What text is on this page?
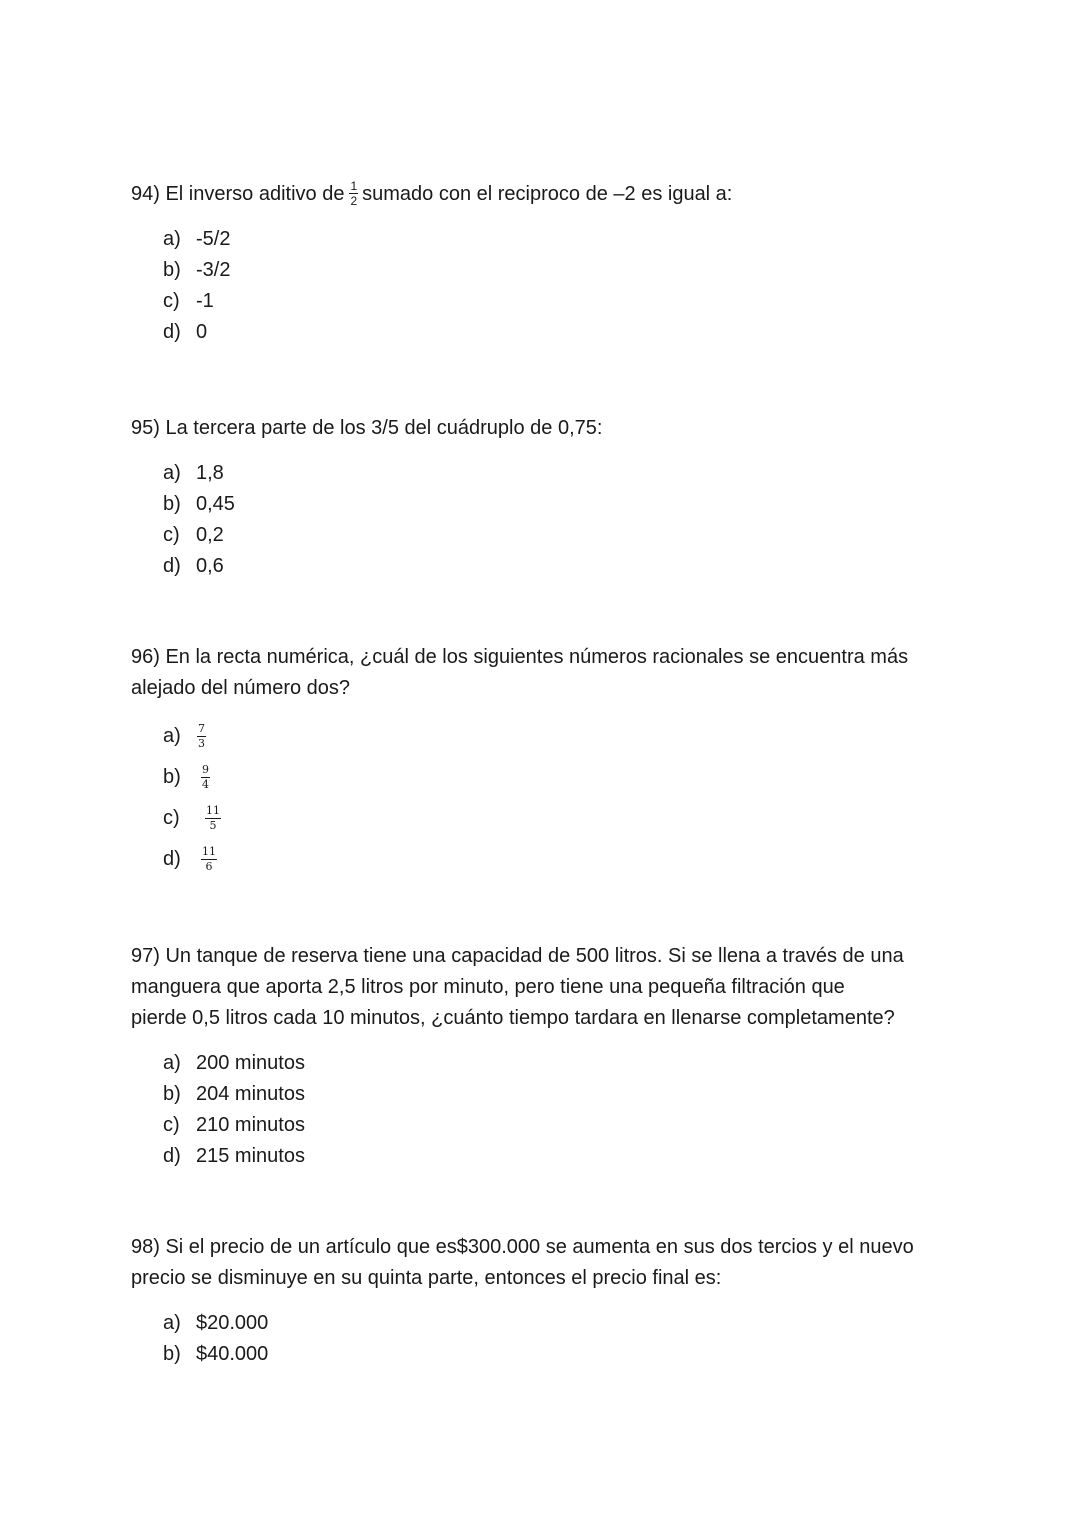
94) El inverso aditivo de $\frac{1}{2}$ sumado con el reciproco de –2 es igual a:

a) -5/2
b) -3/2
c) -1
d) 0

95) La tercera parte de los 3/5 del cuádruplo de 0,75:

a) 1,8
b) 0,45
c) 0,2
d) 0,6

96) En la recta numérica, ¿cuál de los siguientes números racionales se encuentra más
alejado del número dos?

a)	$\frac{7}{3}$
b)	$\frac{9}{4}$
c)	$\frac{11}{5}$
d)	$\frac{11}{6}$

97) Un tanque de reserva tiene una capacidad de 500 litros. Si se llena a través de una
manguera que aporta 2,5 litros por minuto, pero tiene una pequeña filtración que
pierde 0,5 litros cada 10 minutos, ¿cuánto tiempo tardara en llenarse completamente?

a) 200 minutos
b) 204 minutos
c) 210 minutos
d) 215 minutos

98) Si el precio de un artículo que es$300.000 se aumenta en sus dos tercios y el nuevo
precio se disminuye en su quinta parte, entonces el precio final es:

a) $20.000
b) $40.000
